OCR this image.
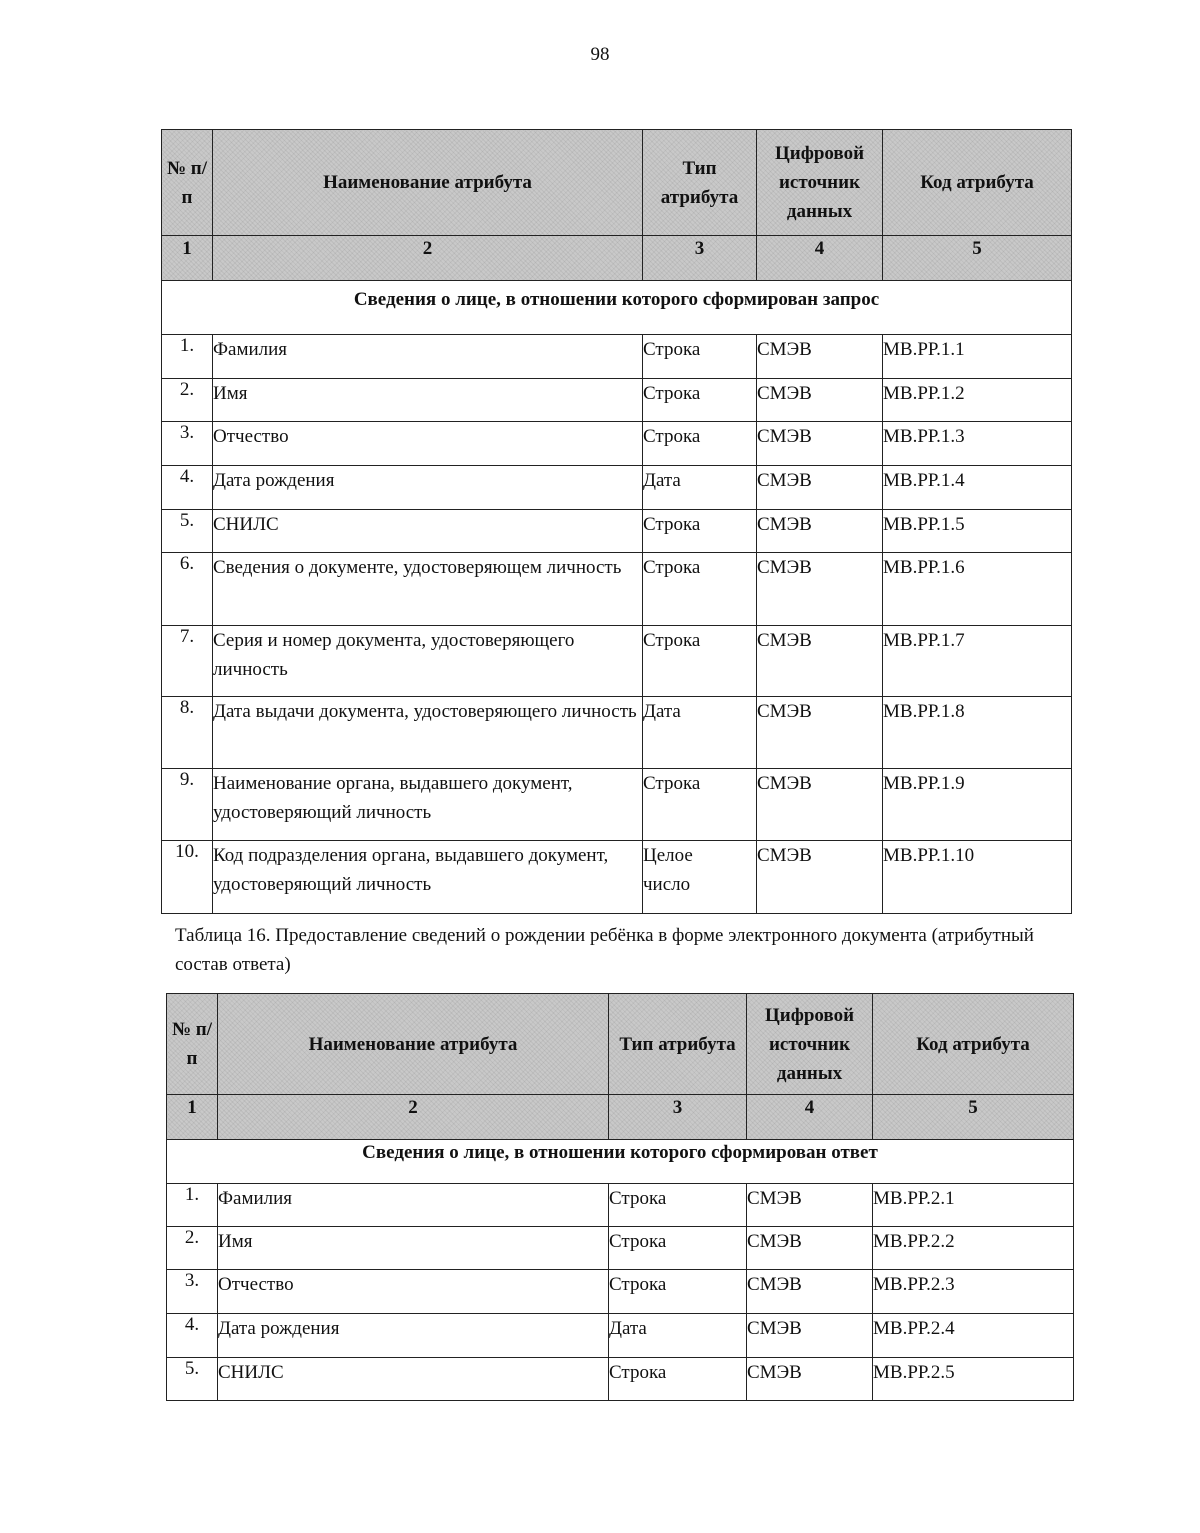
98
№ п/п	Наименование атрибута	Тип атрибута	Цифровой источник данных	Код атрибута
1	2	3	4	5
Сведения о лице, в отношении которого сформирован запрос				
1.	Фамилия	Строка	СМЭВ	МВ.РР.1.1
2.	Имя	Строка	СМЭВ	МВ.РР.1.2
3.	Отчество	Строка	СМЭВ	МВ.РР.1.3
4.	Дата рождения	Дата	СМЭВ	МВ.РР.1.4
5.	СНИЛС	Строка	СМЭВ	МВ.РР.1.5
6.	Сведения о документе, удостоверяющем личность	Строка	СМЭВ	МВ.РР.1.6
7.	Серия и номер документа, удостоверяющего личность	Строка	СМЭВ	МВ.РР.1.7
8.	Дата выдачи документа, удостоверяющего личность	Дата	СМЭВ	МВ.РР.1.8
9.	Наименование органа, выдавшего документ, удостоверяющий личность	Строка	СМЭВ	МВ.РР.1.9
10.	Код подразделения органа, выдавшего документ, удостоверяющий личность	Целое число	СМЭВ	МВ.РР.1.10
Таблица 16. Предоставление сведений о рождении ребёнка в форме электронного документа (атрибутный состав ответа)
№ п/п	Наименование атрибута	Тип атрибута	Цифровой источник данных	Код атрибута
1	2	3	4	5
Сведения о лице, в отношении которого сформирован ответ				
1.	Фамилия	Строка	СМЭВ	МВ.РР.2.1
2.	Имя	Строка	СМЭВ	МВ.РР.2.2
3.	Отчество	Строка	СМЭВ	МВ.РР.2.3
4.	Дата рождения	Дата	СМЭВ	МВ.РР.2.4
5.	СНИЛС	Строка	СМЭВ	МВ.РР.2.5
